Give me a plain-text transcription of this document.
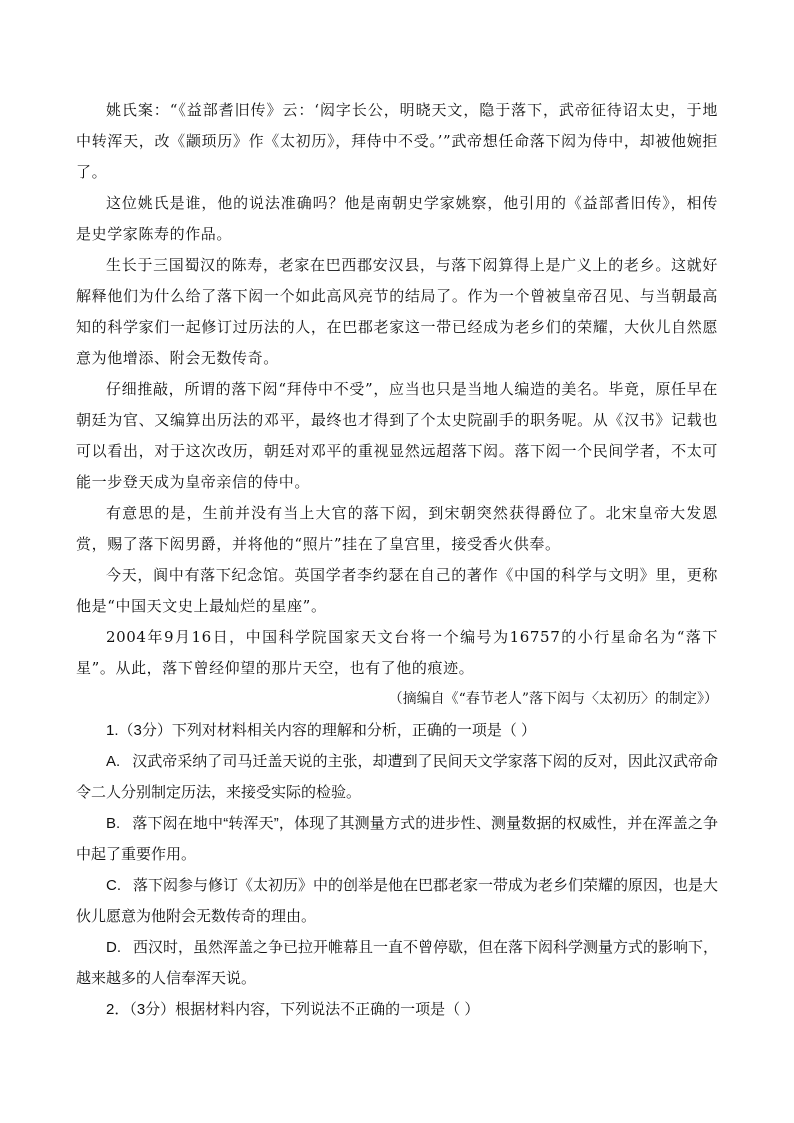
姚氏案：“《益部耆旧传》云：‘闳字长公，明晓天文，隐于落下，武帝征待诏太史，于地中转浑天，改《颛顼历》作《太初历》，拜侍中不受。’”武帝想任命落下闳为侍中，却被他婉拒了。

这位姚氏是谁，他的说法准确吗？他是南朝史学家姚察，他引用的《益部耆旧传》，相传是史学家陈寿的作品。

生长于三国蜀汉的陈寿，老家在巴西郡安汉县，与落下闳算得上是广义上的老乡。这就好解释他们为什么给了落下闳一个如此高风亮节的结局了。作为一个曾被皇帝召见、与当朝最高知的科学家们一起修订过历法的人，在巴郡老家这一带已经成为老乡们的荣耀，大伙儿自然愿意为他增添、附会无数传奇。

仔细推敲，所谓的落下闳“拜侍中不受”，应当也只是当地人编造的美名。毕竟，原任早在朝廷为官、又编算出历法的邓平，最终也才得到了个太史院副手的职务呢。从《汉书》记载也可以看出，对于这次改历，朝廷对邓平的重视显然远超落下闳。落下闳一个民间学者，不太可能一步登天成为皇帝亲信的侍中。

有意思的是，生前并没有当上大官的落下闳，到宋朝突然获得爵位了。北宋皇帝大发恩赏，赐了落下闳男爵，并将他的“照片”挂在了皇宫里，接受香火供奉。

今天，阆中有落下纪念馆。英国学者李约瑟在自己的著作《中国的科学与文明》里，更称他是“中国天文史上最灿烂的星座”。

2004年9月16日，中国科学院国家天文台将一个编号为16757的小行星命名为“落下星”。从此，落下曾经仰望的那片天空，也有了他的痕迹。

（摘编自《“春节老人”落下闳与〈太初历〉的制定》）

1.（3分）下列对材料相关内容的理解和分析，正确的一项是（ ）

A. 汉武帝采纳了司马迁盖天说的主张，却遭到了民间天文学家落下闳的反对，因此汉武帝命令二人分别制定历法，来接受实际的检验。

B. 落下闳在地中“转浑天”，体现了其测量方式的进步性、测量数据的权威性，并在浑盖之争中起了重要作用。

C. 落下闳参与修订《太初历》中的创举是他在巴郡老家一带成为老乡们荣耀的原因，也是大伙儿愿意为他附会无数传奇的理由。

D. 西汉时，虽然浑盖之争已拉开帷幕且一直不曾停歇，但在落下闳科学测量方式的影响下，越来越多的人信奉浑天说。

2．（3分）根据材料内容，下列说法不正确的一项是（ ）
